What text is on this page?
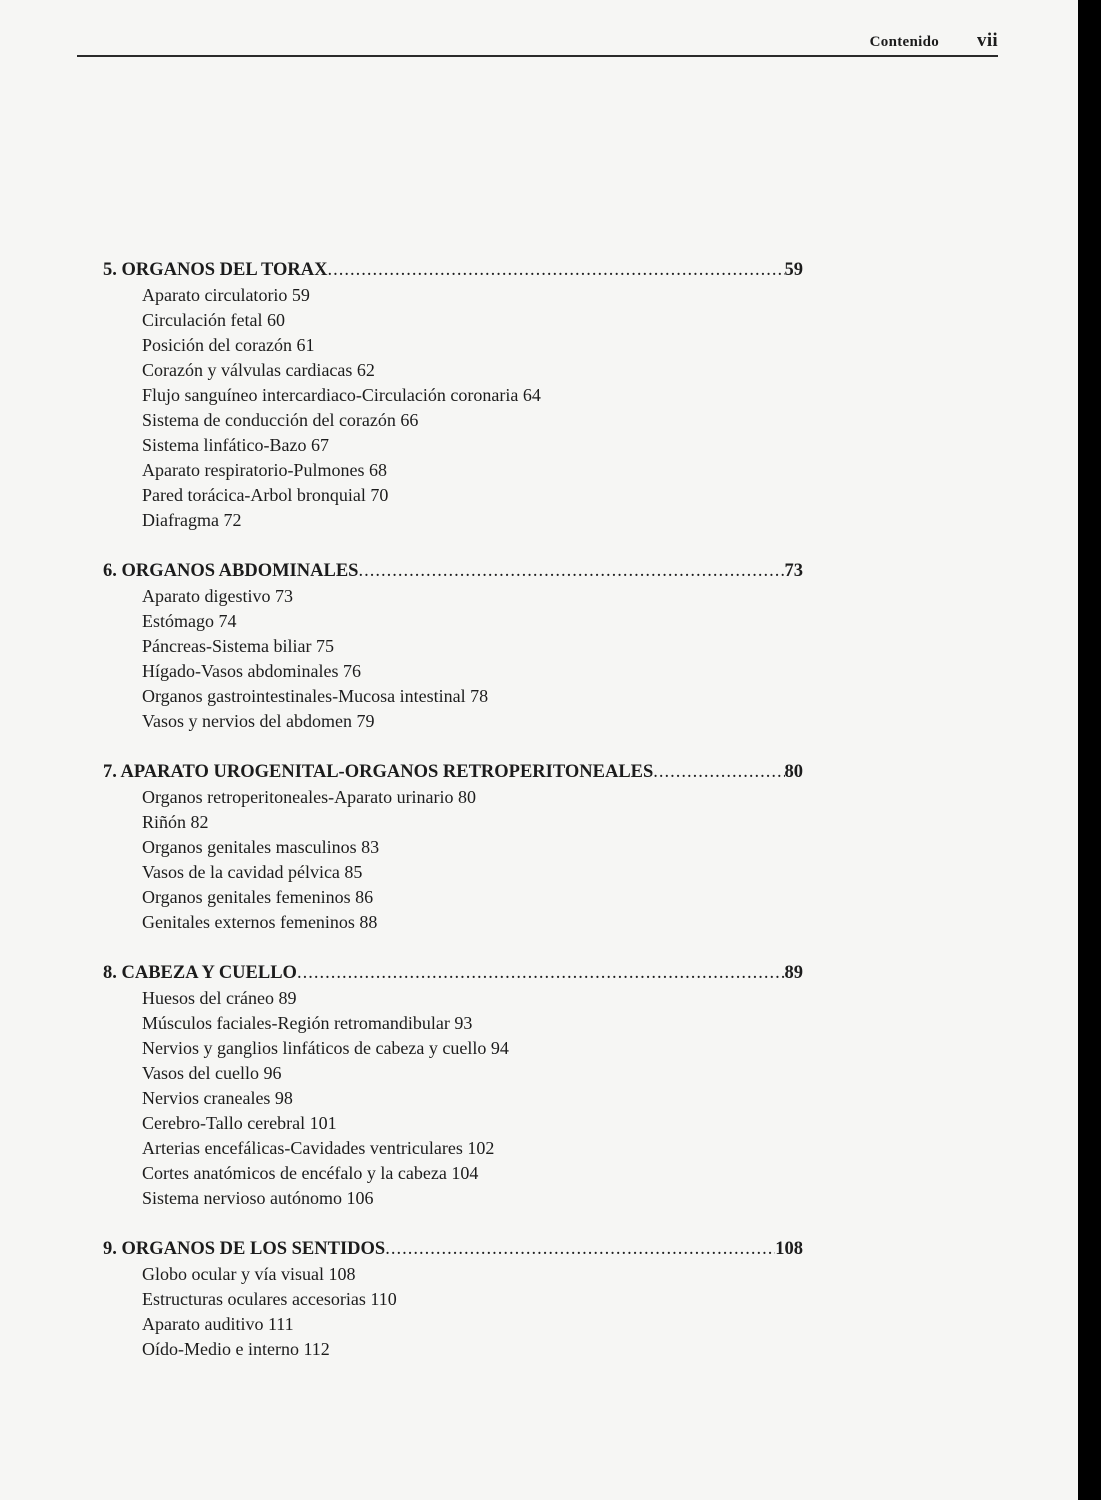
Contenido vii
5. ORGANOS DEL TORAX .....	59
Aparato circulatorio 59
Circulación fetal 60
Posición del corazón 61
Corazón y válvulas cardiacas 62
Flujo sanguíneo intercardiaco-Circulación coronaria 64
Sistema de conducción del corazón 66
Sistema linfático-Bazo 67
Aparato respiratorio-Pulmones 68
Pared torácica-Arbol bronquial 70
Diafragma 72
6. ORGANOS ABDOMINALES .....	73
Aparato digestivo 73
Estómago 74
Páncreas-Sistema biliar 75
Hígado-Vasos abdominales 76
Organos gastrointestinales-Mucosa intestinal 78
Vasos y nervios del abdomen 79
7. APARATO UROGENITAL-ORGANOS RETROPERITONEALES .....	80
Organos retroperitoneales-Aparato urinario 80
Riñón 82
Organos genitales masculinos 83
Vasos de la cavidad pélvica 85
Organos genitales femeninos 86
Genitales externos femeninos 88
8. CABEZA Y CUELLO .....	89
Huesos del cráneo 89
Músculos faciales-Región retromandibular 93
Nervios y ganglios linfáticos de cabeza y cuello 94
Vasos del cuello 96
Nervios craneales 98
Cerebro-Tallo cerebral 101
Arterias encefálicas-Cavidades ventriculares 102
Cortes anatómicos de encéfalo y la cabeza 104
Sistema nervioso autónomo 106
9. ORGANOS DE LOS SENTIDOS .....	108
Globo ocular y vía visual 108
Estructuras oculares accesorias 110
Aparato auditivo 111
Oído-Medio e interno 112
